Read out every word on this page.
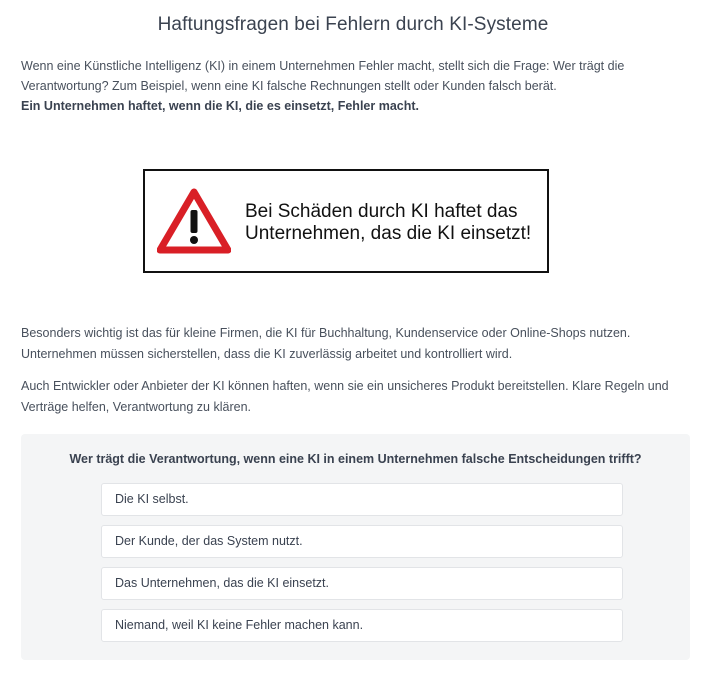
Haftungsfragen bei Fehlern durch KI-Systeme

Wenn eine Künstliche Intelligenz (KI) in einem Unternehmen Fehler macht, stellt sich die Frage: Wer trägt die Verantwortung? Zum Beispiel, wenn eine KI falsche Rechnungen stellt oder Kunden falsch berät.
Ein Unternehmen haftet, wenn die KI, die es einsetzt, Fehler macht.

Bei Schäden durch KI haftet das
Unternehmen, das die KI einsetzt!

Besonders wichtig ist das für kleine Firmen, die KI für Buchhaltung, Kundenservice oder Online-Shops nutzen. Unternehmen müssen sicherstellen, dass die KI zuverlässig arbeitet und kontrolliert wird.

Auch Entwickler oder Anbieter der KI können haften, wenn sie ein unsicheres Produkt bereitstellen. Klare Regeln und Verträge helfen, Verantwortung zu klären.

Wer trägt die Verantwortung, wenn eine KI in einem Unternehmen falsche Entscheidungen trifft?
Die KI selbst.
Der Kunde, der das System nutzt.
Das Unternehmen, das die KI einsetzt.
Niemand, weil KI keine Fehler machen kann.
